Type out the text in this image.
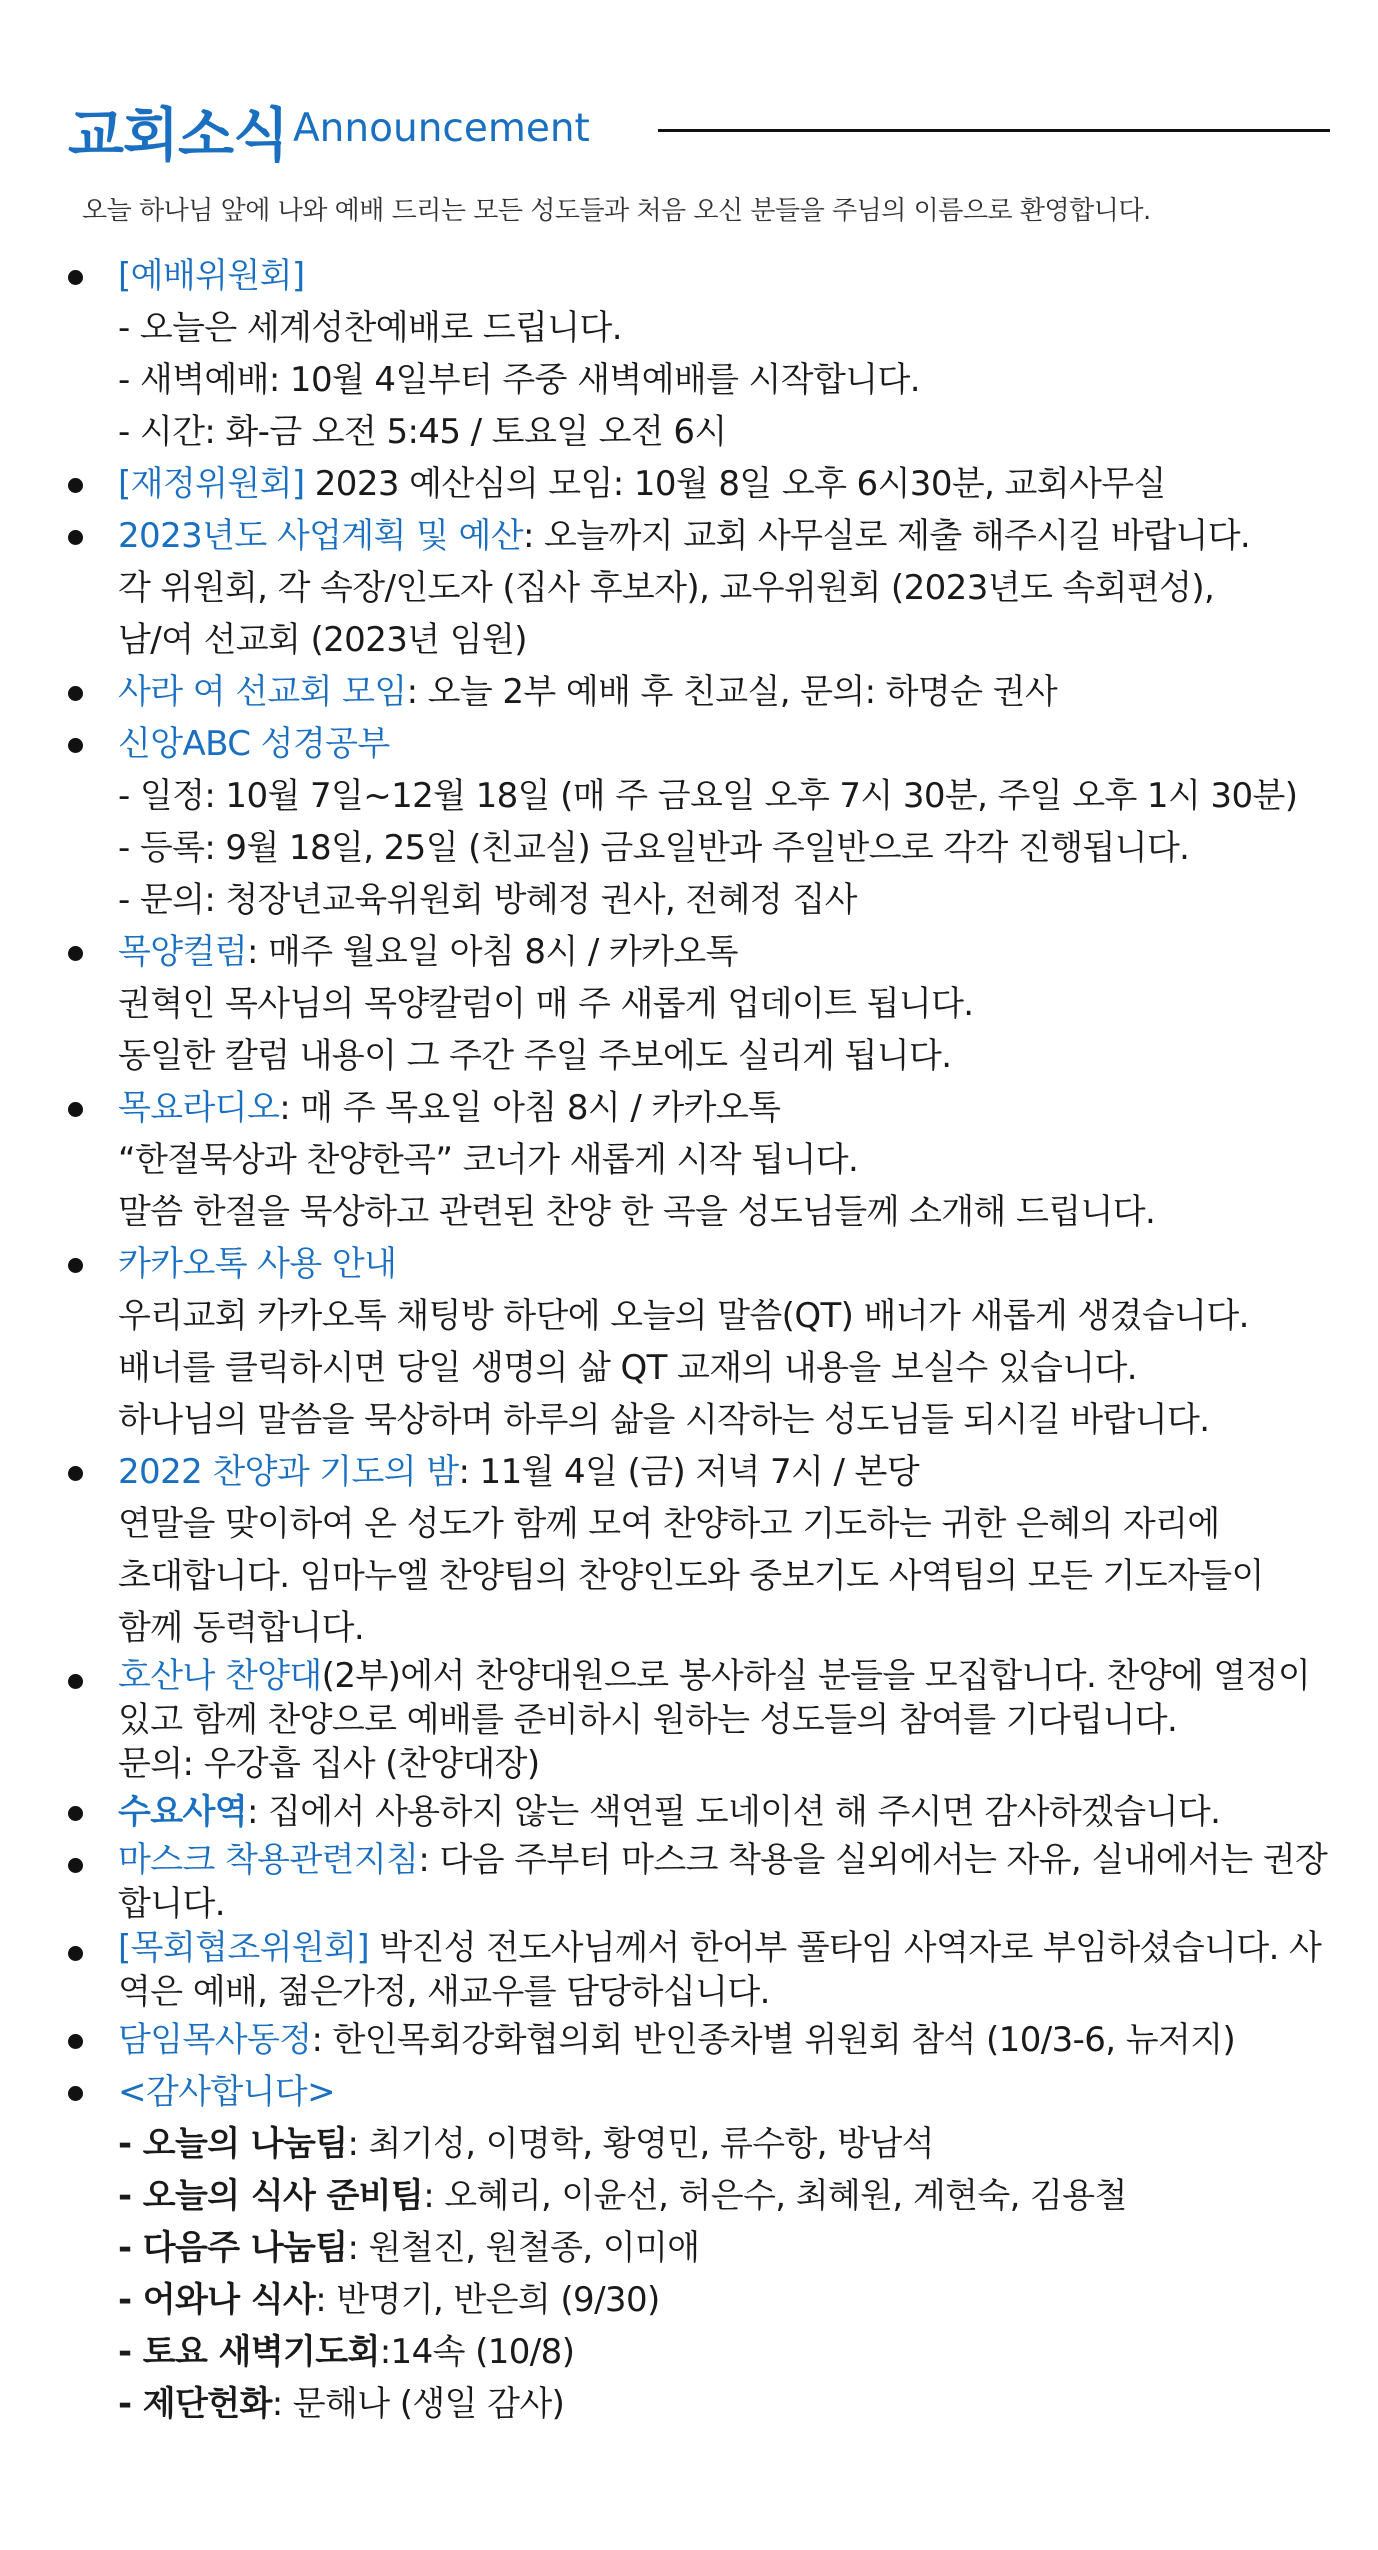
교회소식 Announcement
오늘 하나님 앞에 나와 예배 드리는 모든 성도들과 처음 오신 분들을 주님의 이름으로 환영합니다.
[예배위원회]
- 오늘은 세계성찬예배로 드립니다.
- 새벽예배: 10월 4일부터 주중 새벽예배를 시작합니다.
- 시간: 화-금 오전 5:45 / 토요일 오전 6시
[재정위원회] 2023 예산심의 모임: 10월 8일 오후 6시30분, 교회사무실
2023년도 사업계획 및 예산: 오늘까지 교회 사무실로 제출 해주시길 바랍니다.
각 위원회, 각 속장/인도자 (집사 후보자), 교우위원회 (2023년도 속회편성),
남/여 선교회 (2023년 임원)
사라 여 선교회 모임: 오늘 2부 예배 후 친교실, 문의: 하명순 권사
신앙ABC 성경공부
- 일정: 10월 7일~12월 18일 (매 주 금요일 오후 7시 30분, 주일 오후 1시 30분)
- 등록: 9월 18일, 25일 (친교실) 금요일반과 주일반으로 각각 진행됩니다.
- 문의: 청장년교육위원회 방혜정 권사, 전혜정 집사
목양컬럼: 매주 월요일 아침 8시 / 카카오톡
권혁인 목사님의 목양칼럼이 매 주 새롭게 업데이트 됩니다.
동일한 칼럼 내용이 그 주간 주일 주보에도 실리게 됩니다.
목요라디오: 매 주 목요일 아침 8시 / 카카오톡
“한절묵상과 찬양한곡” 코너가 새롭게 시작 됩니다.
말씀 한절을 묵상하고 관련된 찬양 한 곡을 성도님들께 소개해 드립니다.
카카오톡 사용 안내
우리교회 카카오톡 채팅방 하단에 오늘의 말씀(QT) 배너가 새롭게 생겼습니다.
배너를 클릭하시면 당일 생명의 삶 QT 교재의 내용을 보실수 있습니다.
하나님의 말씀을 묵상하며 하루의 삶을 시작하는 성도님들 되시길 바랍니다.
2022 찬양과 기도의 밤: 11월 4일 (금) 저녁 7시 / 본당
연말을 맞이하여 온 성도가 함께 모여 찬양하고 기도하는 귀한 은혜의 자리에
초대합니다. 임마누엘 찬양팀의 찬양인도와 중보기도 사역팀의 모든 기도자들이
함께 동력합니다.
호산나 찬양대(2부)에서 찬양대원으로 봉사하실 분들을 모집합니다. 찬양에 열정이 있고 함께 찬양으로 예배를 준비하시 원하는 성도들의 참여를 기다립니다.
문의: 우강흡 집사 (찬양대장)
수요사역: 집에서 사용하지 않는 색연필 도네이션 해 주시면 감사하겠습니다.
마스크 착용관련지침: 다음 주부터 마스크 착용을 실외에서는 자유, 실내에서는 권장합니다.
[목회협조위원회] 박진성 전도사님께서 한어부 풀타임 사역자로 부임하셨습니다. 사역은 예배, 젊은가정, 새교우를 담당하십니다.
담임목사동정: 한인목회강화협의회 반인종차별 위원회 참석 (10/3-6, 뉴저지)
<감사합니다>
- 오늘의 나눔팀: 최기성, 이명학, 황영민, 류수항, 방남석
- 오늘의 식사 준비팀: 오혜리, 이윤선, 허은수, 최혜원, 계현숙, 김용철
- 다음주 나눔팀: 원철진, 원철종, 이미애
- 어와나 식사: 반명기, 반은희 (9/30)
- 토요 새벽기도회:14속 (10/8)
- 제단헌화: 문해나 (생일 감사)
